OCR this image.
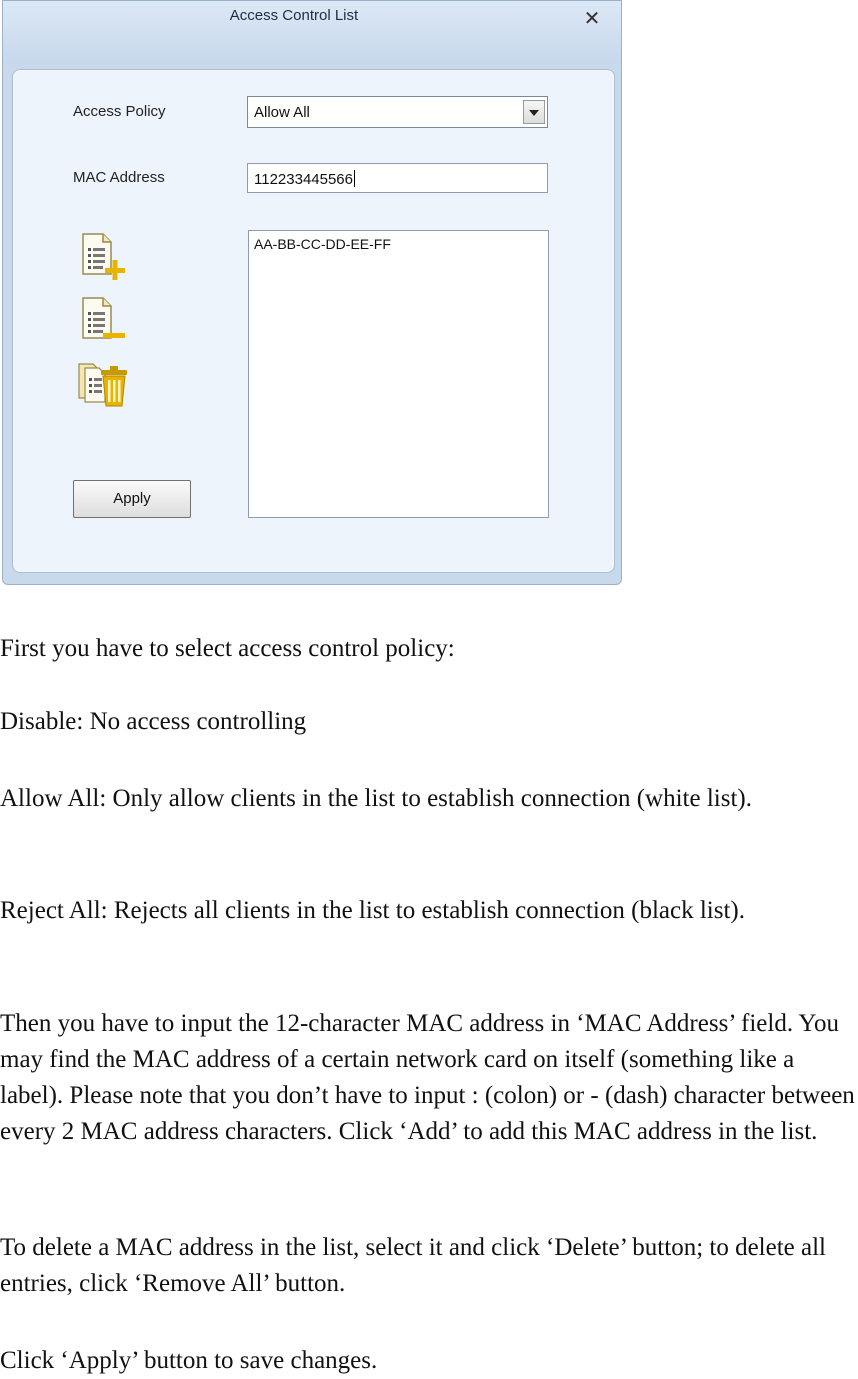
Access Control List	✕
Access Policy	Allow All
MAC Address	112233445566
AA-BB-CC-DD-EE-FF
Apply

First you have to select access control policy:

Disable: No access controlling

Allow All: Only allow clients in the list to establish connection (white list).

Reject All: Rejects all clients in the list to establish connection (black list).

Then you have to input the 12-character MAC address in ‘MAC Address’ field. You may find the MAC address of a certain network card on itself (something like a label). Please note that you don’t have to input : (colon) or - (dash) character between every 2 MAC address characters. Click ‘Add’ to add this MAC address in the list.

To delete a MAC address in the list, select it and click ‘Delete’ button; to delete all entries, click ‘Remove All’ button.

Click ‘Apply’ button to save changes.
